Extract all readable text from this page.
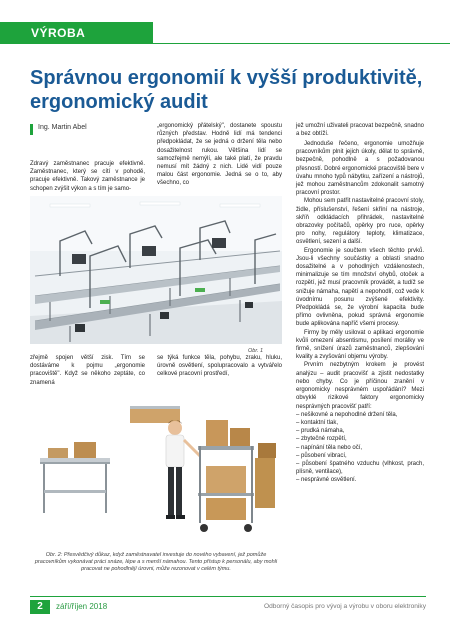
VÝROBA
Správnou ergonomií k vyšší produktivitě, ergonomický audit
Ing. Martin Abel

Zdravý zaměstnanec pracuje efektivně. Zaměstnanec, který se cítí v pohodě, pracuje efektivně. Takový zaměstnance je schopen zvýšit výkon a s tím je samo-

„ergonomický přátelský", dostanete spoustu různých představ. Hodně lidí má tendenci předpokládat, že se jedná o držení těla nebo dosažitelnost rukou. Většina lidí se samozřejmě nemýlí, ale také platí, že pravdu nemusí mít žádný z nich. Lidé vidí pouze malou část ergonomie. Jedná se o to, aby všechno, co

jež umožní uživateli pracovat bezpečně, snadno a bez obtíží.

Obr. 1

zřejmě spojen větší zisk. Tím se dostáváme k pojmu „ergonomie pracoviště". Když se někoho zeptáte, co znamená

se týká funkce těla, pohybu, zraku, hluku, úrovně osvětlení, spolupracovalo a vytvářelo celkové pracovní prostředí,

Obr. 2: Přesvědčivý důkaz, když zaměstnavatel investuje do nového vybavení, jež pomůže pracovníkům vykonávat práci snáze, lépe a s menší námahou. Tento přístup k personálu, aby mohli pracovat ne pohodlnějí úrovni, může rezonovat v celém týmu.

Jednoduše řečeno, ergonomie umožňuje pracovníkům plnit jejich úkoly, dělat to správně, bezpečně, pohodlně a s požadovanou přesností. Dobré ergonomické pracoviště bere v úvahu mnoho typů nábytku, zařízení a nástrojů, jež mohou zaměstnancům zdokonalit samotný pracovní prostor.

Mohou sem patřit nastavitelné pracovní stoly, židle, příslušenství, řešení skříní na nástroje, skříň odkládacích přihrádek, nastavitelné obrazovky počítačů, opěrky pro ruce, opěrky pro nohy, regulátory teploty, klimatizace, osvětlení, sezení a další.

Ergonomie je součtem všech těchto prvků. Jsou-li všechny součástky a oblasti snadno dosažitelné a v pohodlných vzdálenostech, minimalizuje se tím množství ohybů, otoček a rozpětí, jež musí pracovník provádět, a tudíž se snižuje námaha, napětí a nepohodlí, což vede k úvodnímu posunu zvýšené efektivity. Předpokládá se, že výrobní kapacita bude přímo ovlivněna, pokud správná ergonomie bude aplikována napříč všemi procesy.

Firmy by měly usilovat o aplikaci ergonomie kvůli omezení absentismu, posílení morálky ve firmě, snížení úrazů zaměstnanců, zlepšování kvality a zvyšování objemu výroby.

Prvním nezbytným krokem je provést analýzu – audit pracovišť a zjistit nedostatky nebo chyby. Co je příčinou zranění v ergonomicky nesprávném uspořádání? Mezi obvyklé rizikové faktory ergonomicky nesprávných pracovišť patří:

– nešikovné a nepohodlné držení těla,
– kontaktní tlak,
– prudká námaha,
– zbytečné rozpětí,
– napínání těla nebo očí,
– působení vibrací,
– působení špatného vzduchu (vlhkost, prach, plísně, ventilace),
– nesprávné osvětlení.
2	září/říjen 2018	Odborný časopis pro vývoj a výrobu v oboru elektroniky
